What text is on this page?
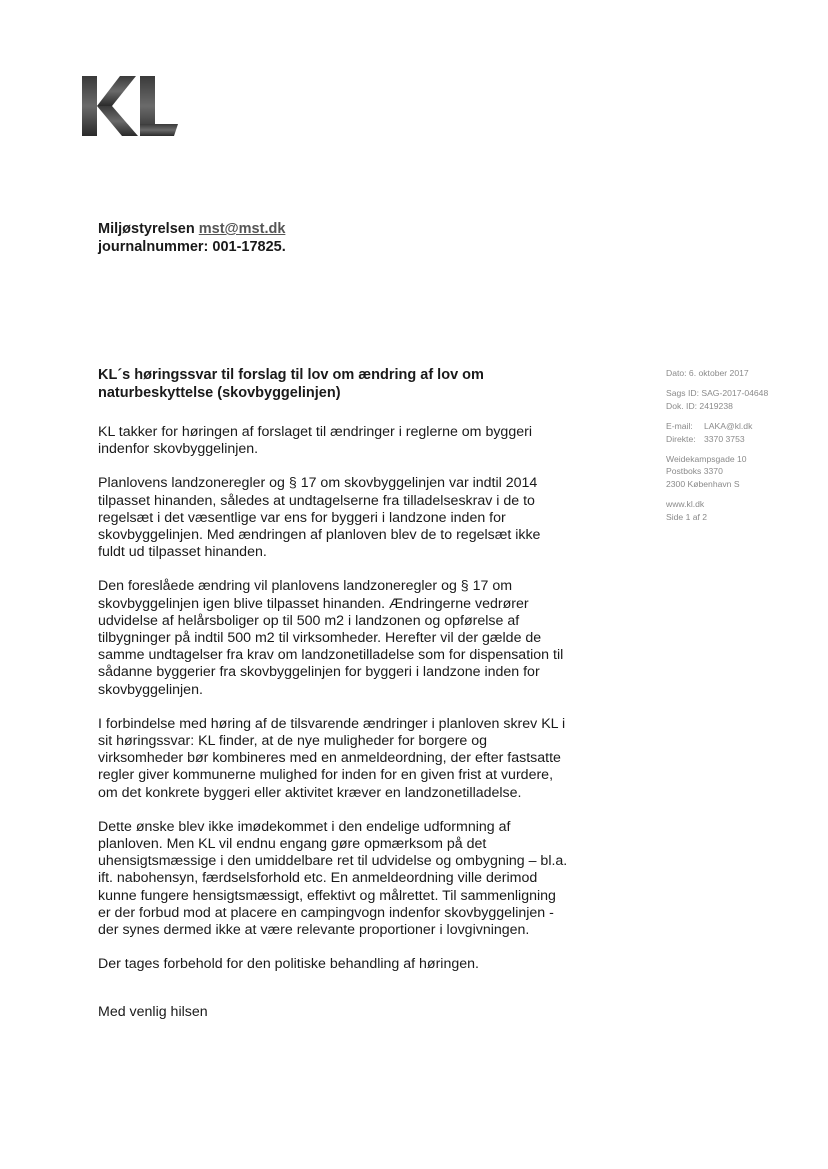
Miljøstyrelsen mst@mst.dk
journalnummer: 001-17825.
KL´s høringssvar til forslag til lov om ændring af lov om naturbeskyttelse (skovbyggelinjen)

KL takker for høringen af forslaget til ændringer i reglerne om byggeri indenfor skovbyggelinjen.

Planlovens landzoneregler og § 17 om skovbyggelinjen var indtil 2014 tilpasset hinanden, således at undtagelserne fra tilladelseskrav i de to regelsæt i det væsentlige var ens for byggeri i landzone inden for skovbyggelinjen. Med ændringen af planloven blev de to regelsæt ikke fuldt ud tilpasset hinanden.

Den foreslåede ændring vil planlovens landzoneregler og § 17 om skovbyggelinjen igen blive tilpasset hinanden. Ændringerne vedrører udvidelse af helårsboliger op til 500 m2 i landzonen og opførelse af tilbygninger på indtil 500 m2 til virksomheder. Herefter vil der gælde de samme undtagelser fra krav om landzonetilladelse som for dispensation til sådanne byggerier fra skovbyggelinjen for byggeri i landzone inden for skovbyggelinjen.

I forbindelse med høring af de tilsvarende ændringer i planloven skrev KL i sit høringssvar: KL finder, at de nye muligheder for borgere og virksomheder bør kombineres med en anmeldeordning, der efter fastsatte regler giver kommunerne mulighed for inden for en given frist at vurdere, om det konkrete byggeri eller aktivitet kræver en landzonetilladelse.

Dette ønske blev ikke imødekommet i den endelige udformning af planloven. Men KL vil endnu engang gøre opmærksom på det uhensigtsmæssige i den umiddelbare ret til udvidelse og ombygning – bl.a. ift. nabohensyn, færdselsforhold etc. En anmeldeordning ville derimod kunne fungere hensigtsmæssigt, effektivt og målrettet. Til sammenligning er der forbud mod at placere en campingvogn indenfor skovbyggelinjen - der synes dermed ikke at være relevante proportioner i lovgivningen.

Der tages forbehold for den politiske behandling af høringen.

Med venlig hilsen
Dato: 6. oktober 2017
Sags ID: SAG-2017-04648
Dok. ID: 2419238
E-mail: LAKA@kl.dk
Direkte: 3370 3753
Weidekampsgade 10
Postboks 3370
2300 København S
www.kl.dk
Side 1 af 2
